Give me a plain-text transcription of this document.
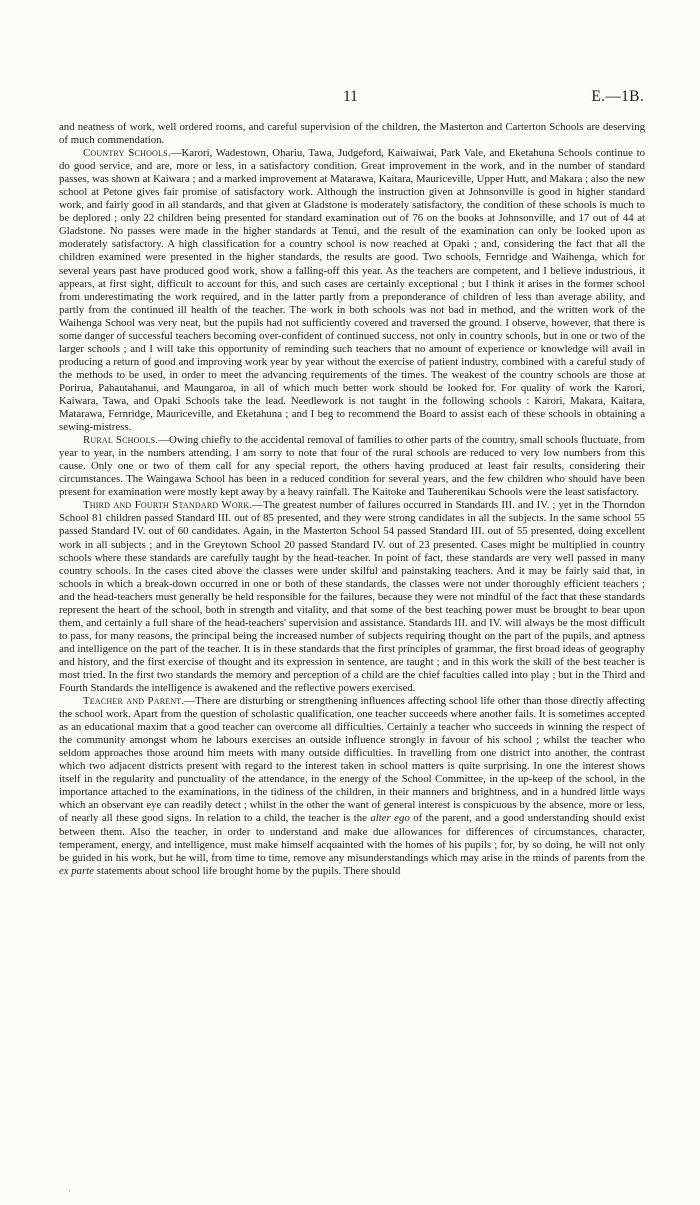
11	E.—1B.

and neatness of work, well ordered rooms, and careful supervision of the children, the Masterton and Carterton Schools are deserving of much commendation.

Country Schools.—Karori, Wadestown, Ohariu, Tawa, Judgeford, Kaiwaiwai, Park Vale, and Eketahuna Schools continue to do good service, and are, more or less, in a satisfactory condition. Great improvement in the work, and in the number of standard passes, was shown at Kaiwara ; and a marked improvement at Matarawa, Kaitara, Mauriceville, Upper Hutt, and Makara ; also the new school at Petone gives fair promise of satisfactory work. Although the instruction given at Johnsonville is good in higher standard work, and fairly good in all standards, and that given at Gladstone is moderately satisfactory, the condition of these schools is much to be deplored ; only 22 children being presented for standard examination out of 76 on the books at Johnsonville, and 17 out of 44 at Gladstone. No passes were made in the higher standards at Tenui, and the result of the examination can only be looked upon as moderately satisfactory. A high classification for a country school is now reached at Opaki ; and, considering the fact that all the children examined were presented in the higher standards, the results are good. Two schools, Fernridge and Waihenga, which for several years past have produced good work, show a falling-off this year. As the teachers are competent, and I believe industrious, it appears, at first sight, difficult to account for this, and such cases are certainly exceptional ; but I think it arises in the former school from underestimating the work required, and in the latter partly from a preponderance of children of less than average ability, and partly from the continued ill health of the teacher. The work in both schools was not bad in method, and the written work of the Waihenga School was very neat, but the pupils had not sufficiently covered and traversed the ground. I observe, however, that there is some danger of successful teachers becoming over-confident of continued success, not only in country schools, but in one or two of the larger schools ; and I will take this opportunity of reminding such teachers that no amount of experience or knowledge will avail in producing a return of good and improving work year by year without the exercise of patient industry, combined with a careful study of the methods to be used, in order to meet the advancing requirements of the times. The weakest of the country schools are those at Porirua, Pahautahanui, and Maungaroa, in all of which much better work should be looked for. For quality of work the Karori, Kaiwara, Tawa, and Opaki Schools take the lead. Needlework is not taught in the following schools : Karori, Makara, Kaitara, Matarawa, Fernridge, Mauriceville, and Eketahuna ; and I beg to recommend the Board to assist each of these schools in obtaining a sewing-mistress.

Rural Schools.—Owing chiefly to the accidental removal of families to other parts of the country, small schools fluctuate, from year to year, in the numbers attending. I am sorry to note that four of the rural schools are reduced to very low numbers from this cause. Only one or two of them call for any special report, the others having produced at least fair results, considering their circumstances. The Waingawa School has been in a reduced condition for several years, and the few children who should have been present for examination were mostly kept away by a heavy rainfall. The Kaitoke and Tauherenikau Schools were the least satisfactory.

Third and Fourth Standard Work.—The greatest number of failures occurred in Standards III. and IV. ; yet in the Thorndon School 81 children passed Standard III. out of 85 presented, and they were strong candidates in all the subjects. In the same school 55 passed Standard IV. out of 60 candidates. Again, in the Masterton School 54 passed Standard III. out of 55 presented, doing excellent work in all subjects ; and in the Greytown School 20 passed Standard IV. out of 23 presented. Cases might be multiplied in country schools where these standards are carefully taught by the head-teacher. In point of fact, these standards are very well passed in many country schools. In the cases cited above the classes were under skilful and painstaking teachers. And it may be fairly said that, in schools in which a break-down occurred in one or both of these standards, the classes were not under thoroughly efficient teachers ; and the head-teachers must generally be held responsible for the failures, because they were not mindful of the fact that these standards represent the heart of the school, both in strength and vitality, and that some of the best teaching power must be brought to bear upon them, and certainly a full share of the head-teachers' supervision and assistance. Standards III. and IV. will always be the most difficult to pass, for many reasons, the principal being the increased number of subjects requiring thought on the part of the pupils, and aptness and intelligence on the part of the teacher. It is in these standards that the first principles of grammar, the first broad ideas of geography and history, and the first exercise of thought and its expression in sentence, are taught ; and in this work the skill of the best teacher is most tried. In the first two standards the memory and perception of a child are the chief faculties called into play ; but in the Third and Fourth Standards the intelligence is awakened and the reflective powers exercised.

Teacher and Parent.—There are disturbing or strengthening influences affecting school life other than those directly affecting the school work. Apart from the question of scholastic qualification, one teacher succeeds where another fails. It is sometimes accepted as an educational maxim that a good teacher can overcome all difficulties. Certainly a teacher who succeeds in winning the respect of the community amongst whom he labours exercises an outside influence strongly in favour of his school ; whilst the teacher who seldom approaches those around him meets with many outside difficulties. In travelling from one district into another, the contrast which two adjacent districts present with regard to the interest taken in school matters is quite surprising. In one the interest shows itself in the regularity and punctuality of the attendance, in the energy of the School Committee, in the up-keep of the school, in the importance attached to the examinations, in the tidiness of the children, in their manners and brightness, and in a hundred little ways which an observant eye can readily detect ; whilst in the other the want of general interest is conspicuous by the absence, more or less, of nearly all these good signs. In relation to a child, the teacher is the alter ego of the parent, and a good understanding should exist between them. Also the teacher, in order to understand and make due allowances for differences of circumstances, character, temperament, energy, and intelligence, must make himself acquainted with the homes of his pupils ; for, by so doing, he will not only be guided in his work, but he will, from time to time, remove any misunderstandings which may arise in the minds of parents from the ex parte statements about school life brought home by the pupils. There should

·
